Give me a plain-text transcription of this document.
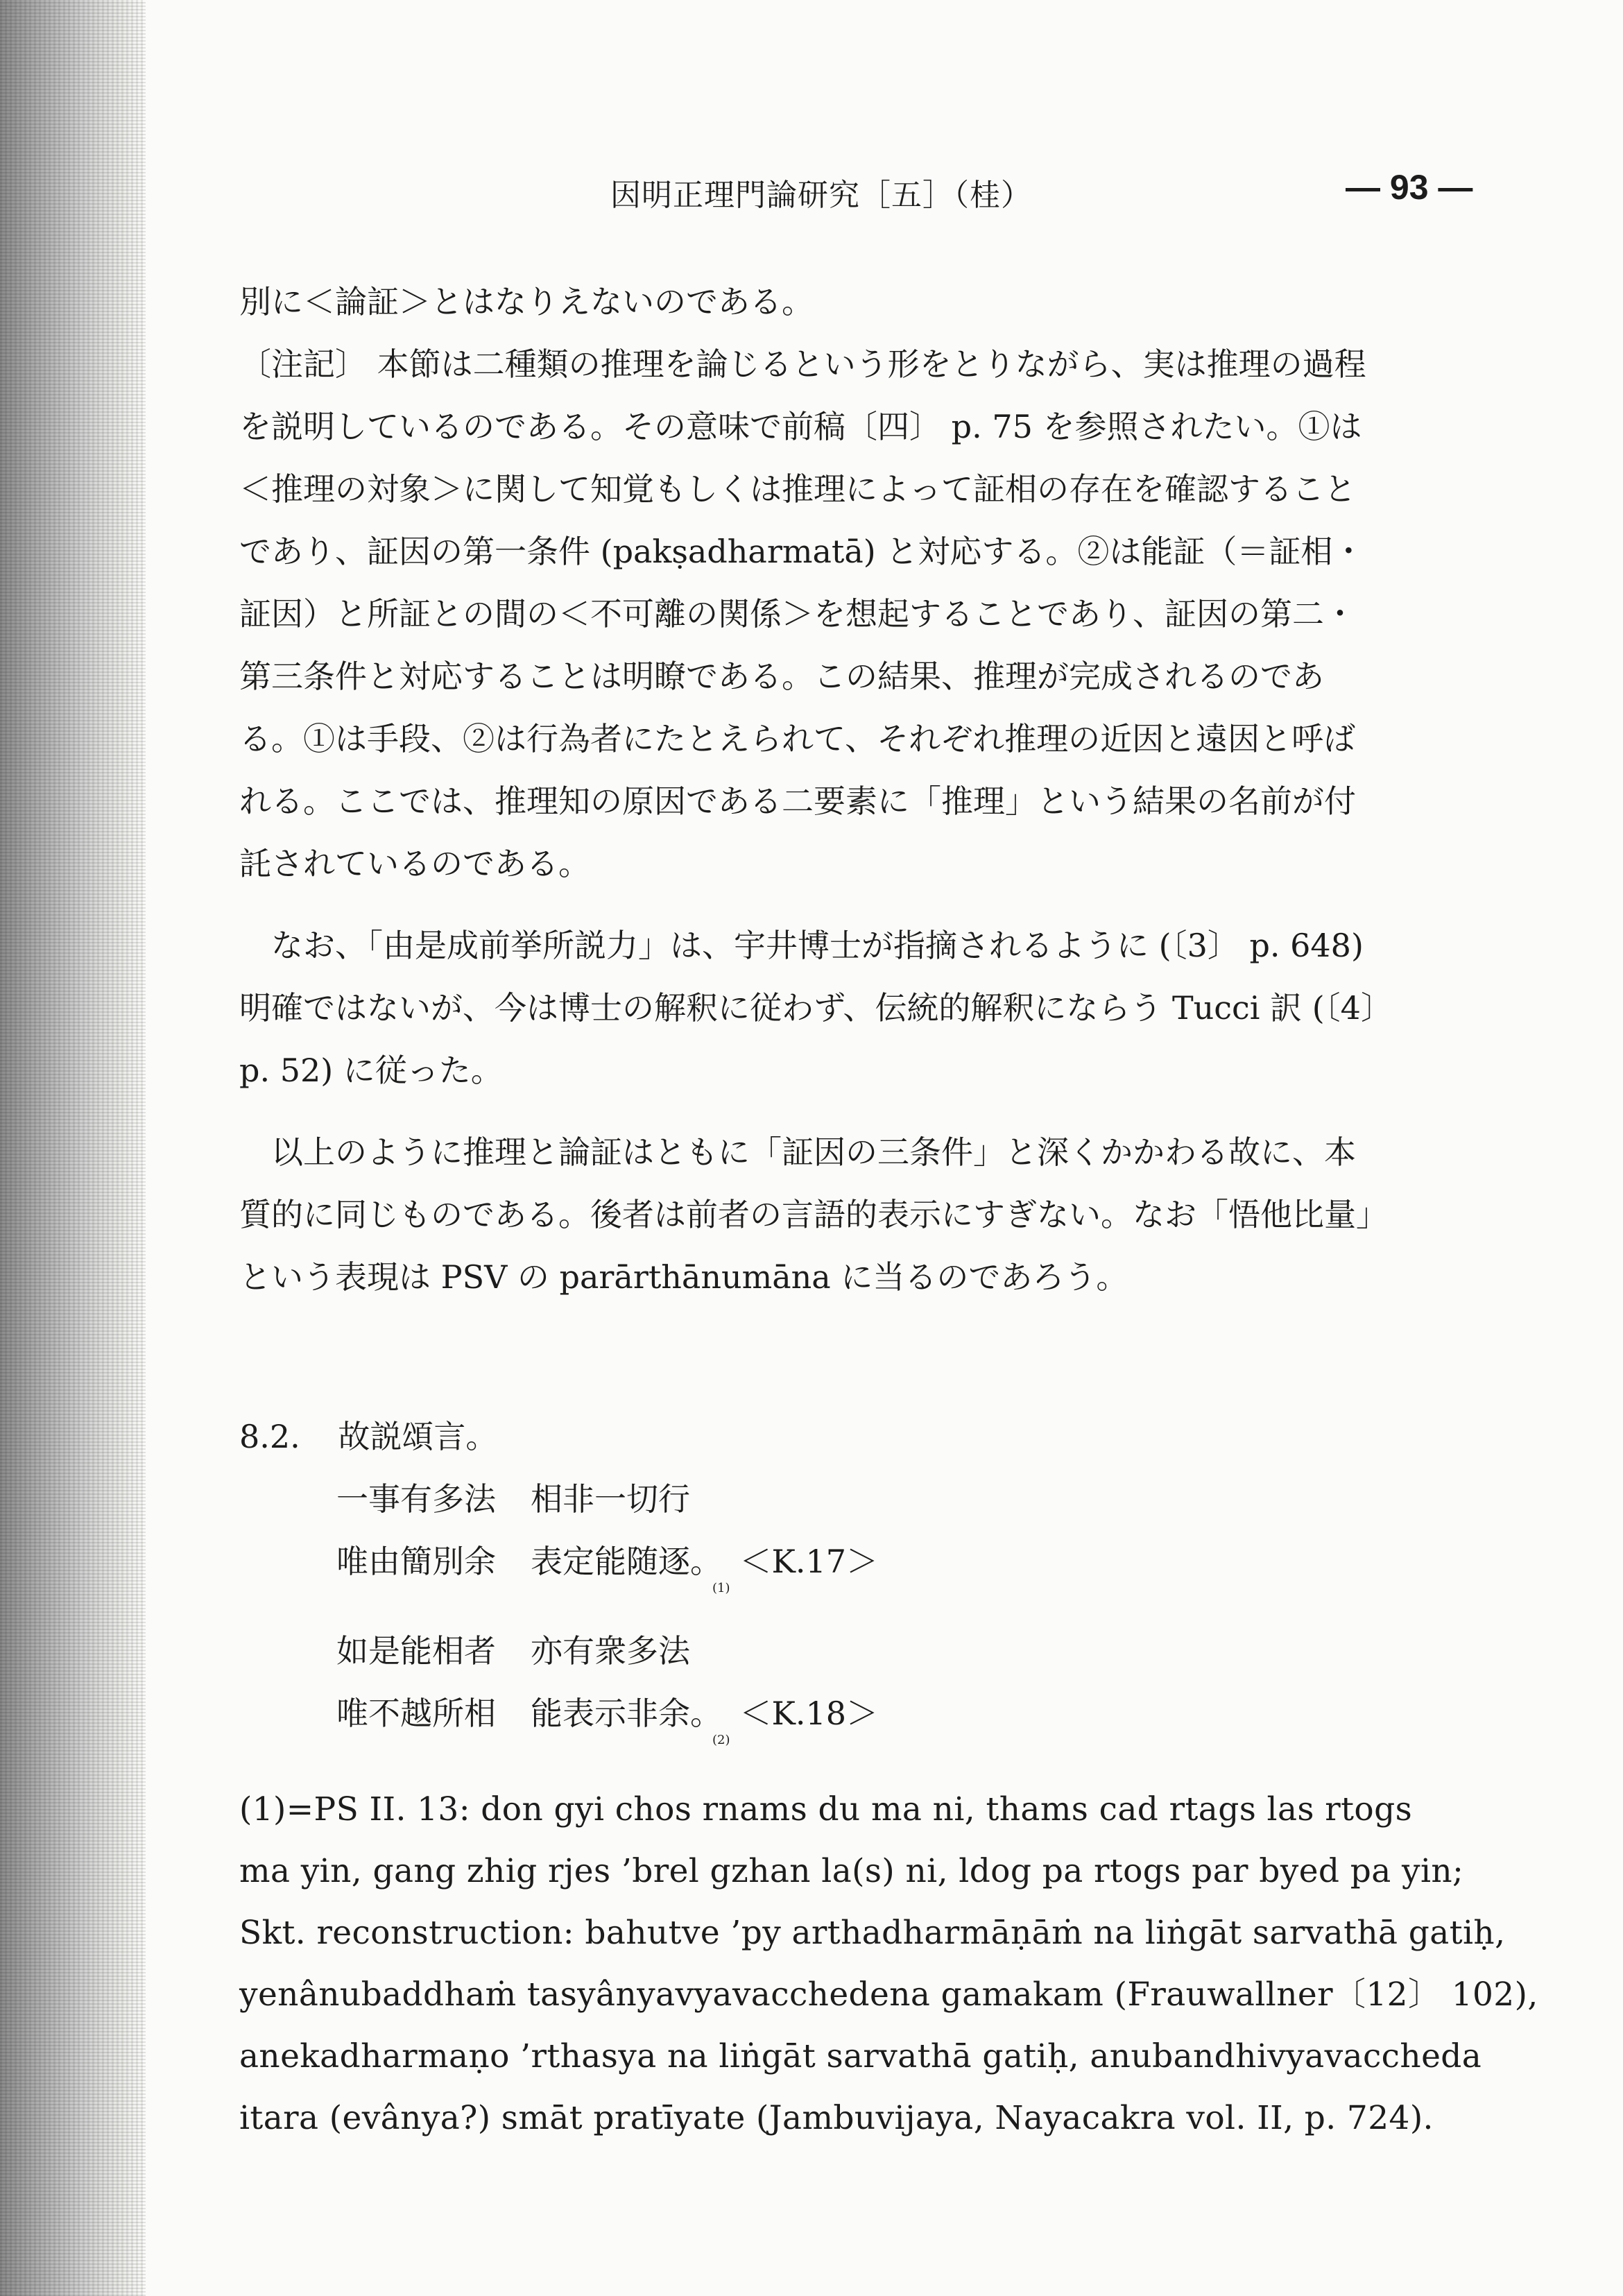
因明正理門論研究［五］（桂）	— 93 —
別に＜論証＞とはなりえないのである。
〔注記〕 本節は二種類の推理を論じるという形をとりながら、実は推理の過程
を説明しているのである。その意味で前稿〔四〕 p. 75 を参照されたい。①は
＜推理の対象＞に関して知覚もしくは推理によって証相の存在を確認すること
であり、証因の第一条件 (pakṣadharmatā) と対応する。②は能証（＝証相・
証因）と所証との間の＜不可離の関係＞を想起することであり、証因の第二・
第三条件と対応することは明瞭である。この結果、推理が完成されるのであ
る。①は手段、②は行為者にたとえられて、それぞれ推理の近因と遠因と呼ば
れる。ここでは、推理知の原因である二要素に「推理」という結果の名前が付
託されているのである。
　なお、「由是成前挙所説力」は、宇井博士が指摘されるように (〔3〕 p. 648)
明確ではないが、今は博士の解釈に従わず、伝統的解釈にならう Tucci 訳 (〔4〕
p. 52) に従った。
　以上のように推理と論証はともに「証因の三条件」と深くかかわる故に、本
質的に同じものである。後者は前者の言語的表示にすぎない。なお「悟他比量」
という表現は PSV の parārthānumāna に当るのであろう。
8.2. 故説頌言。
一事有多法 相非一切行
唯由簡別余 表定能随逐。$_{(1)}$＜K.17＞
如是能相者 亦有衆多法
唯不越所相 能表示非余。$_{(2)}$＜K.18＞
(1)=PS II. 13: don gyi chos rnams du ma ni, thams cad rtags las rtogs
ma yin, gang zhig rjes ’brel gzhan la(s) ni, ldog pa rtogs par byed pa yin;
Skt. reconstruction: bahutve ’py arthadharmāṇāṁ na liṅgāt sarvathā gatiḥ,
yenânubaddhaṁ tasyânyavyavacchedena gamakam (Frauwallner〔12〕 102),
anekadharmaṇo ’rthasya na liṅgāt sarvathā gatiḥ, anubandhivyavaccheda
itara (evânya?) smāt pratīyate (Jambuvijaya, Nayacakra vol. II, p. 724).
